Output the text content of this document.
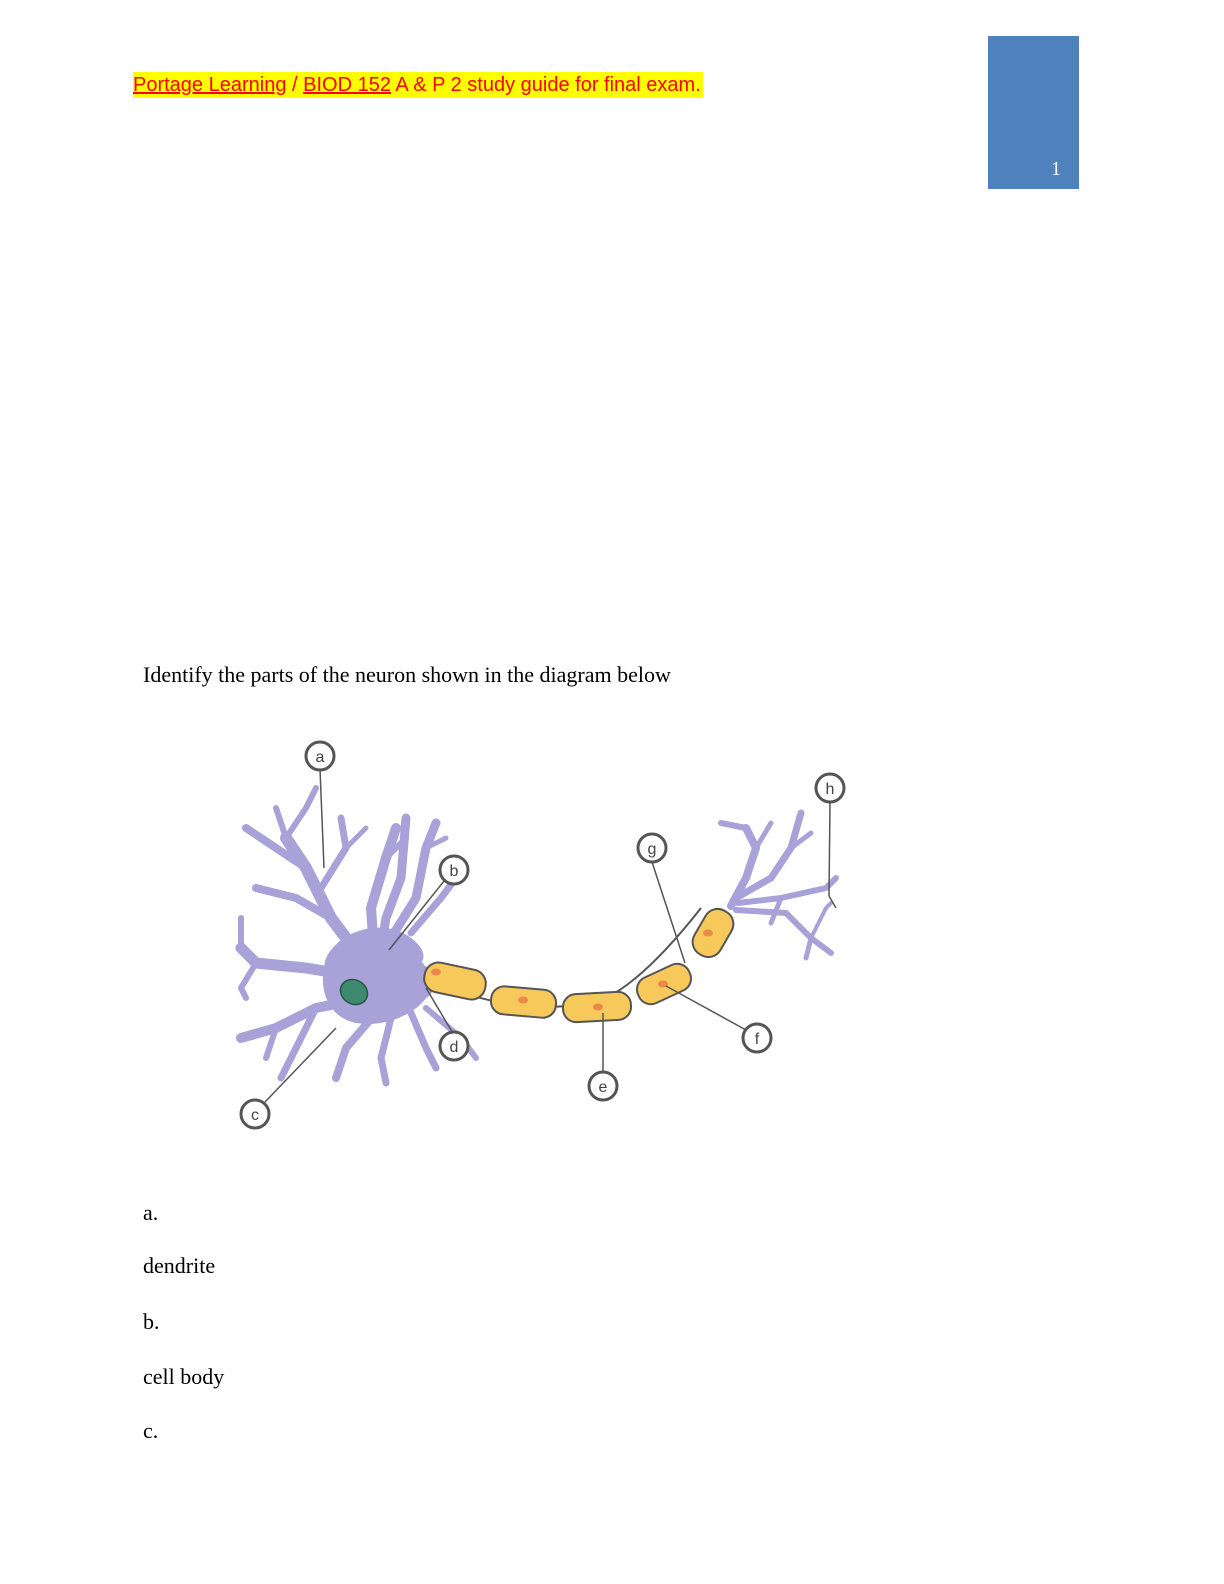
Portage Learning / BIOD 152 A & P 2 study guide for final exam.
1
Identify the parts of the neuron shown in the diagram below
a
b
c
d
e
f
g
h
a.
dendrite
b.
cell body
c.
